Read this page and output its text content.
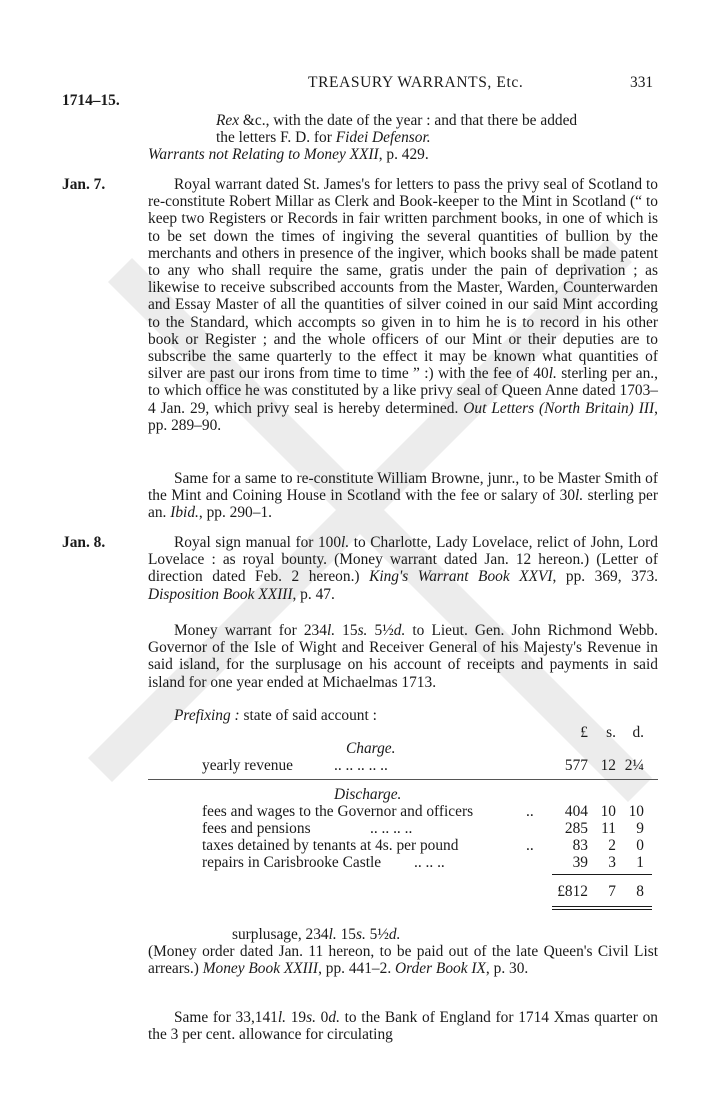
TREASURY WARRANTS, Etc.	331
1714–15.
Rex &c., with the date of the year : and that there be added
the letters F. D. for Fidei Defensor.
Warrants not Relating to Money XXII, p. 429.
Jan. 7.	Royal warrant dated St. James's for letters to pass the privy seal of Scotland to re-constitute Robert Millar as Clerk and Book-keeper to the Mint in Scotland (“ to keep two Registers or Records in fair written parchment books, in one of which is to be set down the times of ingiving the several quantities of bullion by the merchants and others in presence of the ingiver, which books shall be made patent to any who shall require the same, gratis under the pain of deprivation ; as likewise to receive subscribed accounts from the Master, Warden, Counterwarden and Essay Master of all the quantities of silver coined in our said Mint according to the Standard, which accompts so given in to him he is to record in his other book or Register ; and the whole officers of our Mint or their deputies are to subscribe the same quarterly to the effect it may be known what quantities of silver are past our irons from time to time ” :) with the fee of 40l. sterling per an., to which office he was constituted by a like privy seal of Queen Anne dated 1703–4 Jan. 29, which privy seal is hereby determined. Out Letters (North Britain) III, pp. 289–90.

Same for a same to re-constitute William Browne, junr., to be Master Smith of the Mint and Coining House in Scotland with the fee or salary of 30l. sterling per an. Ibid., pp. 290–1.

Jan. 8.	Royal sign manual for 100l. to Charlotte, Lady Lovelace, relict of John, Lord Lovelace : as royal bounty. (Money warrant dated Jan. 12 hereon.) (Letter of direction dated Feb. 2 hereon.) King's Warrant Book XXVI, pp. 369, 373. Disposition Book XXIII, p. 47.

Money warrant for 234l. 15s. 5½d. to Lieut. Gen. John Richmond Webb. Governor of the Isle of Wight and Receiver General of his Majesty's Revenue in said island, for the surplusage on his account of receipts and payments in said island for one year ended at Michaelmas 1713.

Prefixing : state of said account :
£	s.	d.
Charge.
yearly revenue	.. .. .. .. ..	577 12 2¼
Discharge.
fees and wages to the Governor and officers	..	404 10 10
fees and pensions	.. .. .. ..	285 11	9
taxes detained by tenants at 4s. per pound	..	83	2	0
repairs in Carisbrooke Castle .. .. ..	39	3	1
£812	7	8
surplusage, 234l. 15s. 5½d.

(Money order dated Jan. 11 hereon, to be paid out of the late Queen's Civil List arrears.) Money Book XXIII, pp. 441–2. Order Book IX, p. 30.

Same for 33,141l. 19s. 0d. to the Bank of England for 1714 Xmas quarter on the 3 per cent. allowance for circulating
